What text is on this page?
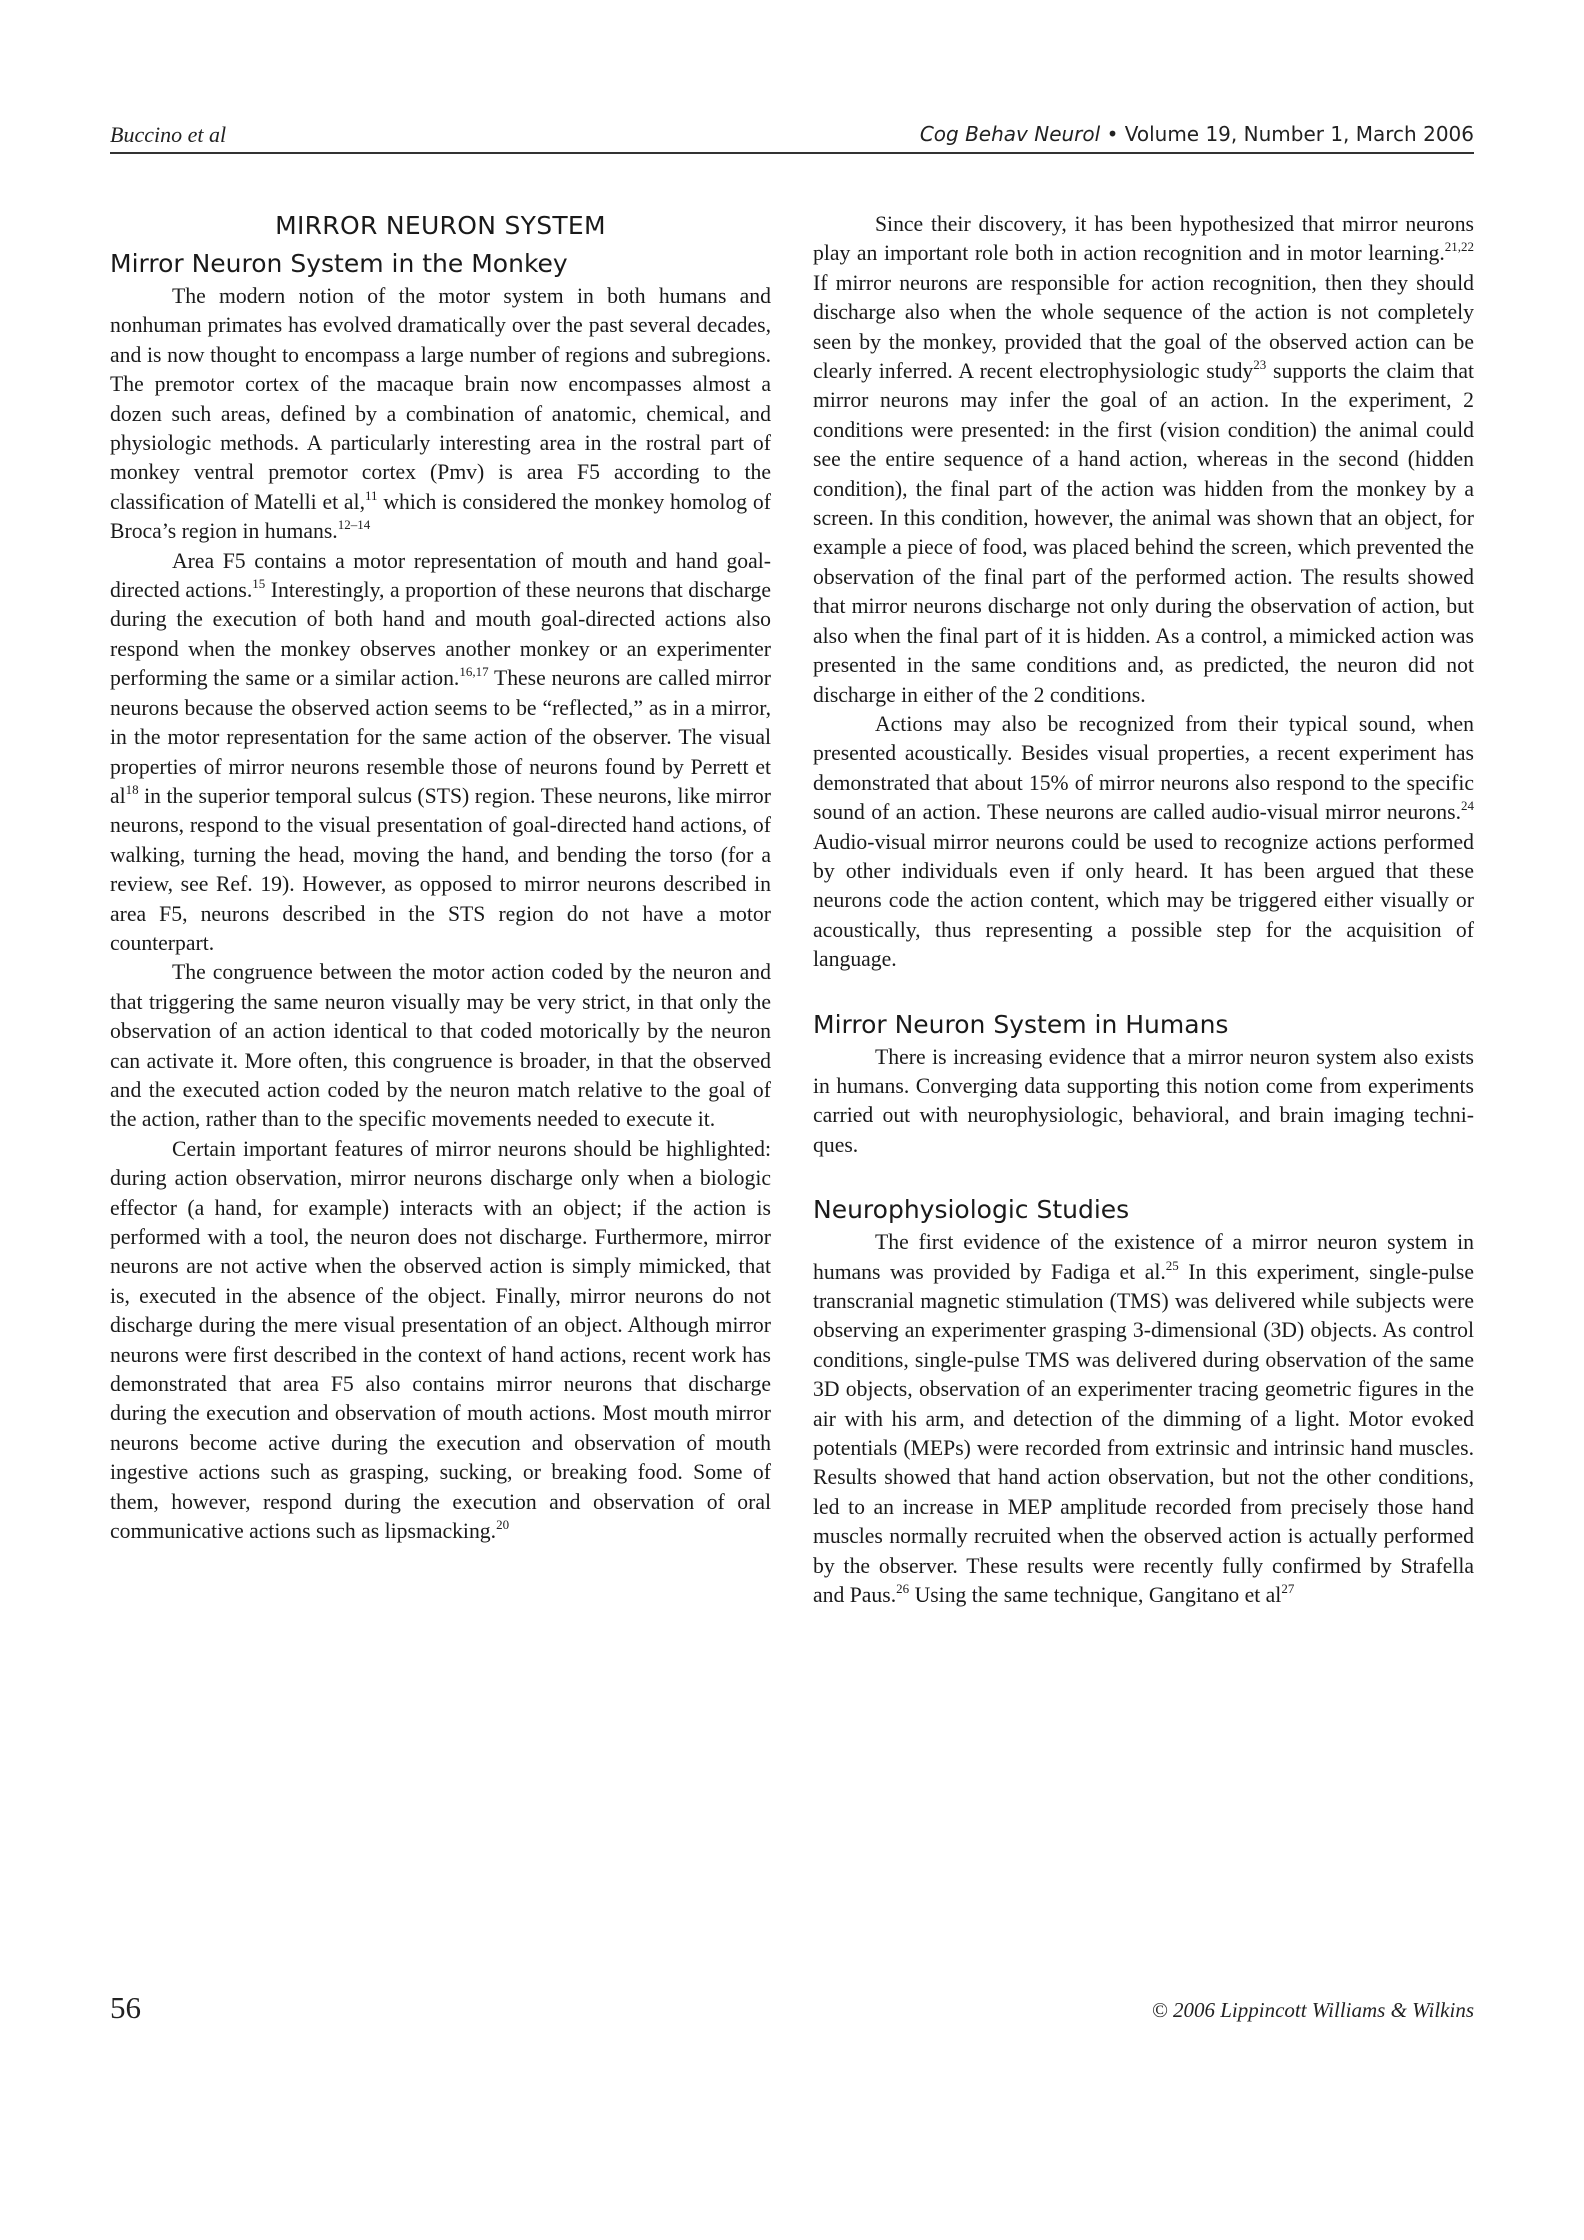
Buccino et al	Cog Behav Neurol • Volume 19, Number 1, March 2006
MIRROR NEURON SYSTEM
Mirror Neuron System in the Monkey

The modern notion of the motor system in both humans and nonhuman primates has evolved dramatically over the past several decades, and is now thought to encompass a large number of regions and subregions. The premotor cortex of the macaque brain now encompasses almost a dozen such areas, defined by a combination of anatomic, chemical, and physiologic methods. A particularly interesting area in the rostral part of monkey ventral premotor cortex (Pmv) is area F5 according to the classification of Matelli et al,$^{11}$ which is considered the monkey homolog of Broca’s region in humans.$^{12-14}$

Area F5 contains a motor representation of mouth and hand goal-directed actions.$^{15}$ Interestingly, a proportion of these neurons that discharge during the execution of both hand and mouth goal-directed actions also respond when the monkey observes another monkey or an experimenter performing the same or a similar action.$^{16,17}$ These neurons are called mirror neurons because the observed action seems to be “reflected,” as in a mirror, in the motor representation for the same action of the observer. The visual properties of mirror neurons resemble those of neurons found by Perrett et $al^{18}$ in the superior temporal sulcus (STS) region. These neurons, like mirror neurons, respond to the visual presentation of goal-directed hand actions, of walking, turning the head, moving the hand, and bending the torso (for a review, see Ref. 19). However, as opposed to mirror neurons described in area F5, neurons described in the STS region do not have a motor counterpart.

The congruence between the motor action coded by the neuron and that triggering the same neuron visually may be very strict, in that only the observation of an action identical to that coded motorically by the neuron can activate it. More often, this congruence is broader, in that the observed and the executed action coded by the neuron match relative to the goal of the action, rather than to the specific movements needed to execute it.

Certain important features of mirror neurons should be highlighted: during action observation, mirror neurons discharge only when a biologic effector (a hand, for example) interacts with an object; if the action is performed with a tool, the neuron does not discharge. Furthermore, mirror neurons are not active when the observed action is simply mimicked, that is, executed in the absence of the object. Finally, mirror neurons do not discharge during the mere visual presentation of an object. Although mirror neurons were first described in the context of hand actions, recent work has demonstrated that area F5 also contains mirror neurons that discharge during the execution and observation of mouth actions. Most mouth mirror neurons become active during the execution and observation of mouth ingestive actions such as grasping, sucking, or breaking food. Some of them, however, respond during the execution and observation of oral communicative actions such as lipsmacking.$^{20}$

Since their discovery, it has been hypothesized that mirror neurons play an important role both in action recognition and in motor learning.$^{21,22}$ If mirror neurons are responsible for action recognition, then they should discharge also when the whole sequence of the action is not completely seen by the monkey, provided that the goal of the observed action can be clearly inferred. A recent electrophysiologic study$^{23}$ supports the claim that mirror neurons may infer the goal of an action. In the experiment, 2 conditions were presented: in the first (vision condition) the animal could see the entire sequence of a hand action, whereas in the second (hidden condition), the final part of the action was hidden from the monkey by a screen. In this condition, however, the animal was shown that an object, for example a piece of food, was placed behind the screen, which prevented the observation of the final part of the performed action. The results showed that mirror neurons discharge not only during the observation of action, but also when the final part of it is hidden. As a control, a mimicked action was presented in the same conditions and, as predicted, the neuron did not discharge in either of the 2 conditions.

Actions may also be recognized from their typical sound, when presented acoustically. Besides visual properties, a recent experiment has demonstrated that about 15% of mirror neurons also respond to the specific sound of an action. These neurons are called audio-visual mirror neurons.$^{24}$ Audio-visual mirror neurons could be used to recognize actions performed by other individuals even if only heard. It has been argued that these neurons code the action content, which may be triggered either visually or acoustically, thus representing a possible step for the acquisition of language.

Mirror Neuron System in Humans

There is increasing evidence that a mirror neuron system also exists in humans. Converging data supporting this notion come from experiments carried out with neurophysiologic, behavioral, and brain imaging techniques.

Neurophysiologic Studies

The first evidence of the existence of a mirror neuron system in humans was provided by Fadiga et al.$^{25}$ In this experiment, single-pulse transcranial magnetic stimulation (TMS) was delivered while subjects were observing an experimenter grasping 3-dimensional (3D) objects. As control conditions, single-pulse TMS was delivered during observation of the same 3D objects, observation of an experimenter tracing geometric figures in the air with his arm, and detection of the dimming of a light. Motor evoked potentials (MEPs) were recorded from extrinsic and intrinsic hand muscles. Results showed that hand action observation, but not the other conditions, led to an increase in MEP amplitude recorded from precisely those hand muscles normally recruited when the observed action is actually performed by the observer. These results were recently fully confirmed by Strafella and Paus.$^{26}$ Using the same technique, Gangitano et $al^{27}$

56	© 2006 Lippincott Williams & Wilkins
